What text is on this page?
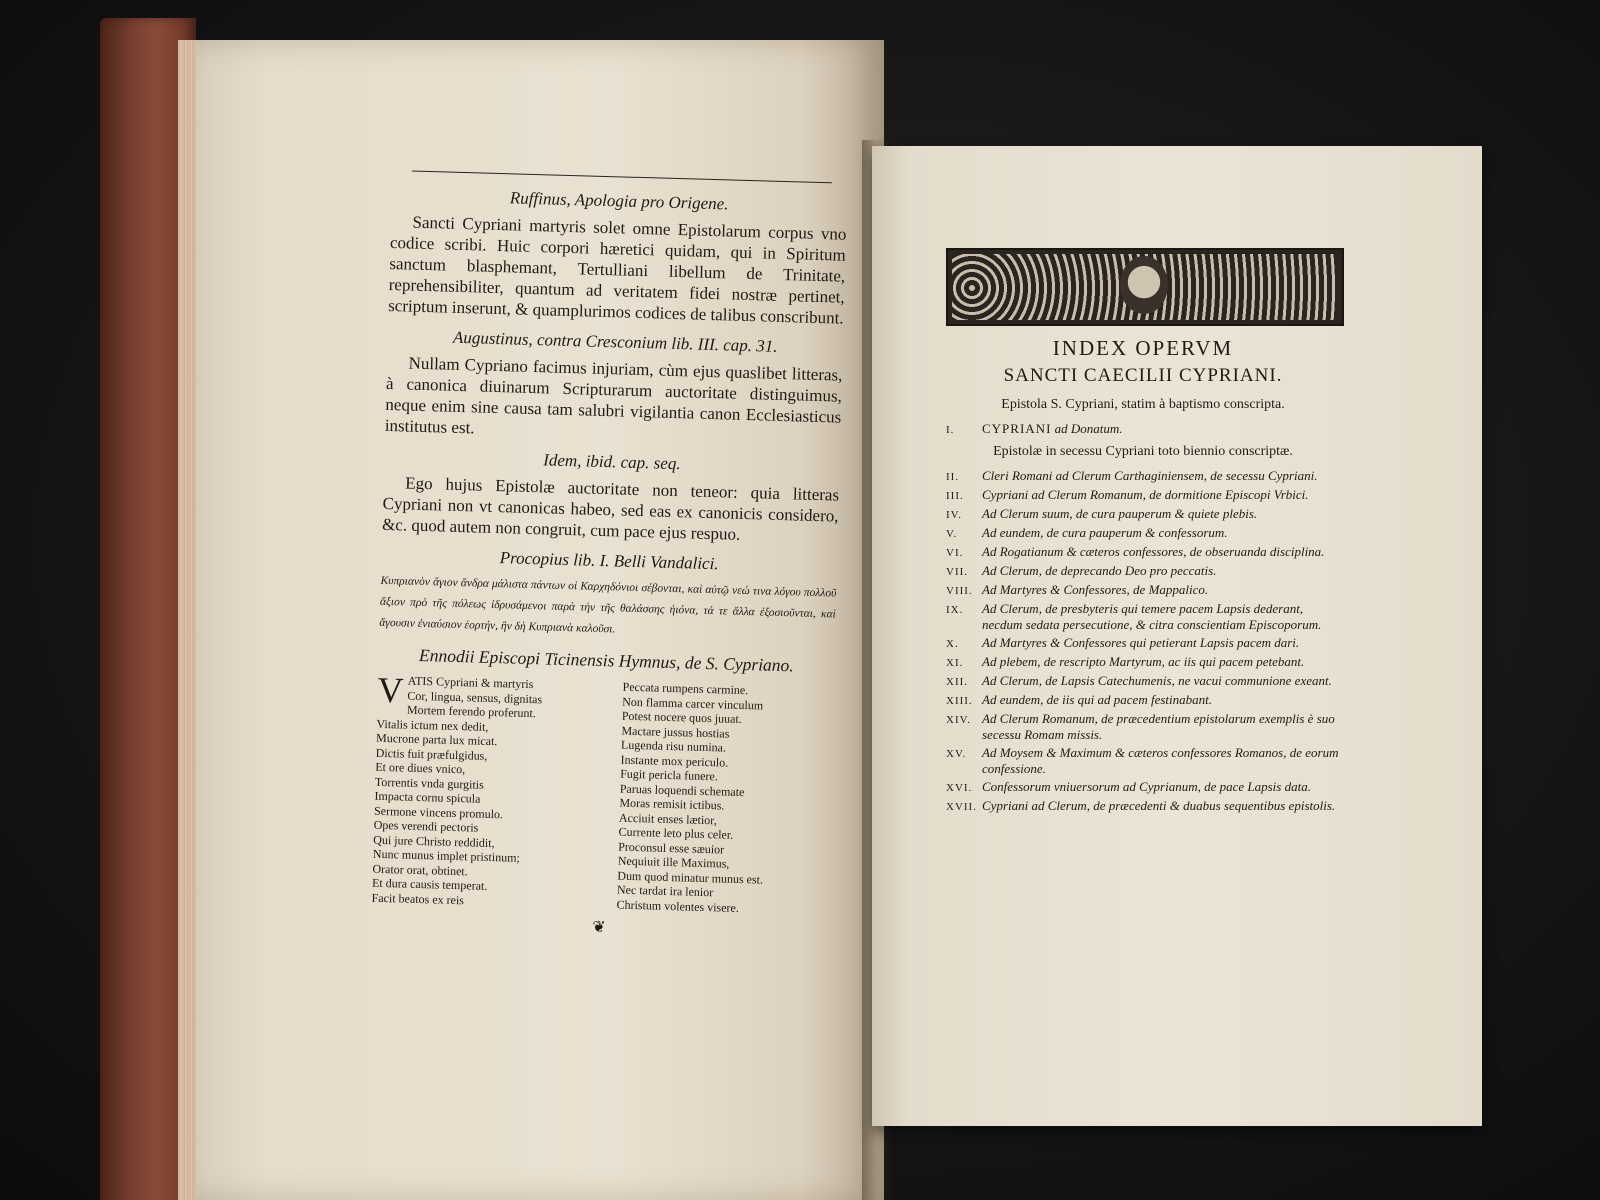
Ruffinus, Apologia pro Origene.

Sancti Cypriani martyris solet omne Epistolarum corpus vno codice scribi. Huic corpori hæretici quidam, qui in Spiritum sanctum blasphemant, Tertulliani libellum de Trinitate, reprehensibiliter, quantum ad veritatem fidei nostræ pertinet, scriptum inserunt, & quamplurimos codices de talibus conscribunt.

Augustinus, contra Cresconium lib. III. cap. 31.

Nullam Cypriano facimus injuriam, cùm ejus quaslibet litteras, à canonica diuinarum Scripturarum auctoritate distinguimus, neque enim sine causa tam salubri vigilantia canon Ecclesiasticus institutus est.

Idem, ibid. cap. seq.

Ego hujus Epistolæ auctoritate non teneor: quia litteras Cypriani non vt canonicas habeo, sed eas ex canonicis considero, &c. quod autem non congruit, cum pace ejus respuo.

Procopius lib. I. Belli Vandalici.

Κυπριανὸν ἅγιον ἄνδρα μάλιστα πάντων οἱ Καρχηδόνιοι σέβονται, καὶ αὐτῷ νεώ τινα λόγου πολλοῦ ἄξιον πρὸ τῆς πόλεως ἱδρυσάμενοι παρὰ τὴν τῆς θαλάσσης ἠιόνα, τά τε ἄλλα ἐξοσιοῦνται, καὶ ἄγουσιν ἐνιαύσιον ἑορτήν, ἣν δὴ Κυπριανὰ καλοῦσι.

Ennodii Episcopi Ticinensis Hymnus, de S. Cypriano.
V ATIS Cypriani & martyris
Cor, lingua, sensus, dignitas
Mortem ferendo proferunt.
Vitalis ictum nex dedit,
Mucrone parta lux micat.
Dictis fuit præfulgidus,
Et ore diues vnico,
Torrentis vnda gurgitis
Impacta cornu spicula
Sermone vincens promulo.
Opes verendi pectoris
Qui jure Christo reddidit,
Nunc munus implet pristinum;
Orator orat, obtinet.
Et dura causis temperat.
Facit beatos ex reis
Peccata rumpens carmine.
Non flamma carcer vinculum
Potest nocere quos juuat.
Mactare jussus hostias
Lugenda risu numina.
Instante mox periculo.
Fugit pericla funere.
Paruas loquendi schemate
Moras remisit ictibus.
Acciuit enses lætior,
Currente leto plus celer.
Proconsul esse sæuior
Nequiuit ille Maximus,
Dum quod minatur munus est.
Nec tardat ira lenior
Christum volentes visere.
❦
INDEX OPERVM
SANCTI CAECILII CYPRIANI.
Epistola S. Cypriani, statim à baptismo conscripta.
I.	CYPRIANI ad Donatum.
Epistolæ in secessu Cypriani toto biennio conscriptæ.
II.	Cleri Romani ad Clerum Carthaginiensem, de secessu Cypriani.
III.	Cypriani ad Clerum Romanum, de dormitione Episcopi Vrbici.
IV.	Ad Clerum suum, de cura pauperum & quiete plebis.
V.	Ad eundem, de cura pauperum & confessorum.
VI.	Ad Rogatianum & cæteros confessores, de obseruanda disciplina.
VII.	Ad Clerum, de deprecando Deo pro peccatis.
VIII. Ad Martyres & Confessores, de Mappalico.
IX.	Ad Clerum, de presbyteris qui temere pacem Lapsis dederant, necdum sedata persecutione, & citra conscientiam Episcoporum.
X.	Ad Martyres & Confessores qui petierant Lapsis pacem dari.
XI.	Ad plebem, de rescripto Martyrum, ac iis qui pacem petebant.
XII.	Ad Clerum, de Lapsis Catechumenis, ne vacui communione exeant.
XIII. Ad eundem, de iis qui ad pacem festinabant.
XIV. Ad Clerum Romanum, de præcedentium epistolarum exemplis è suo secessu Romam missis.
XV.	Ad Moysem & Maximum & cæteros confessores Romanos, de eorum confessione.
XVI. Confessorum vniuersorum ad Cyprianum, de pace Lapsis data.
XVII. Cypriani ad Clerum, de præcedenti & duabus sequentibus epistolis.
